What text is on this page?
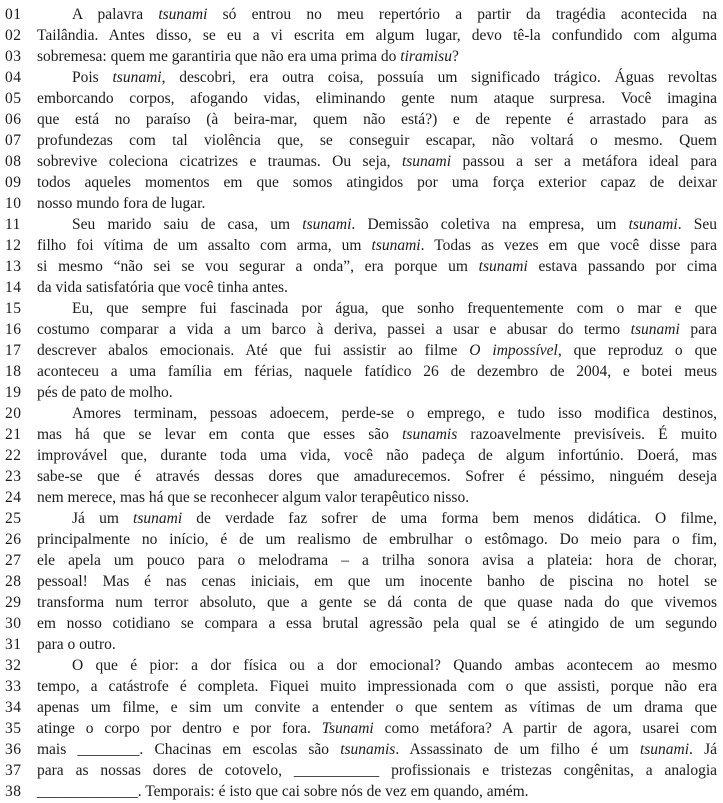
01	A palavra tsunami só entrou no meu repertório a partir da tragédia acontecida na
02	Tailândia. Antes disso, se eu a vi escrita em algum lugar, devo tê-la confundido com alguma
03	sobremesa: quem me garantiria que não era uma prima do tiramisu?
04	Pois tsunami, descobri, era outra coisa, possuía um significado trágico. Águas revoltas
05	emborcando corpos, afogando vidas, eliminando gente num ataque surpresa. Você imagina
06	que está no paraíso (à beira-mar, quem não está?) e de repente é arrastado para as
07	profundezas com tal violência que, se conseguir escapar, não voltará o mesmo. Quem
08	sobrevive coleciona cicatrizes e traumas. Ou seja, tsunami passou a ser a metáfora ideal para
09	todos aqueles momentos em que somos atingidos por uma força exterior capaz de deixar
10	nosso mundo fora de lugar.
11	Seu marido saiu de casa, um tsunami. Demissão coletiva na empresa, um tsunami. Seu
12	filho foi vítima de um assalto com arma, um tsunami. Todas as vezes em que você disse para
13	si mesmo “não sei se vou segurar a onda”, era porque um tsunami estava passando por cima
14	da vida satisfatória que você tinha antes.
15	Eu, que sempre fui fascinada por água, que sonho frequentemente com o mar e que
16	costumo comparar a vida a um barco à deriva, passei a usar e abusar do termo tsunami para
17	descrever abalos emocionais. Até que fui assistir ao filme O impossível, que reproduz o que
18	aconteceu a uma família em férias, naquele fatídico 26 de dezembro de 2004, e botei meus
19	pés de pato de molho.
20	Amores terminam, pessoas adoecem, perde-se o emprego, e tudo isso modifica destinos,
21	mas há que se levar em conta que esses são tsunamis razoavelmente previsíveis. É muito
22	improvável que, durante toda uma vida, você não padeça de algum infortúnio. Doerá, mas
23	sabe-se que é através dessas dores que amadurecemos. Sofrer é péssimo, ninguém deseja
24	nem merece, mas há que se reconhecer algum valor terapêutico nisso.
25	Já um tsunami de verdade faz sofrer de uma forma bem menos didática. O filme,
26	principalmente no início, é de um realismo de embrulhar o estômago. Do meio para o fim,
27	ele apela um pouco para o melodrama – a trilha sonora avisa a plateia: hora de chorar,
28	pessoal! Mas é nas cenas iniciais, em que um inocente banho de piscina no hotel se
29	transforma num terror absoluto, que a gente se dá conta de que quase nada do que vivemos
30	em nosso cotidiano se compara a essa brutal agressão pela qual se é atingido de um segundo
31	para o outro.
32	O que é pior: a dor física ou a dor emocional? Quando ambas acontecem ao mesmo
33	tempo, a catástrofe é completa. Fiquei muito impressionada com o que assisti, porque não era
34	apenas um filme, e sim um convite a entender o que sentem as vítimas de um drama que
35	atinge o corpo por dentro e por fora. Tsunami como metáfora? A partir de agora, usarei com
36	mais ________. Chacinas em escolas são tsunamis. Assassinato de um filho é um tsunami. Já
37	para as nossas dores de cotovelo, ___________ profissionais e tristezas congênitas, a analogia
38	_____________. Temporais: é isto que cai sobre nós de vez em quando, amém.
